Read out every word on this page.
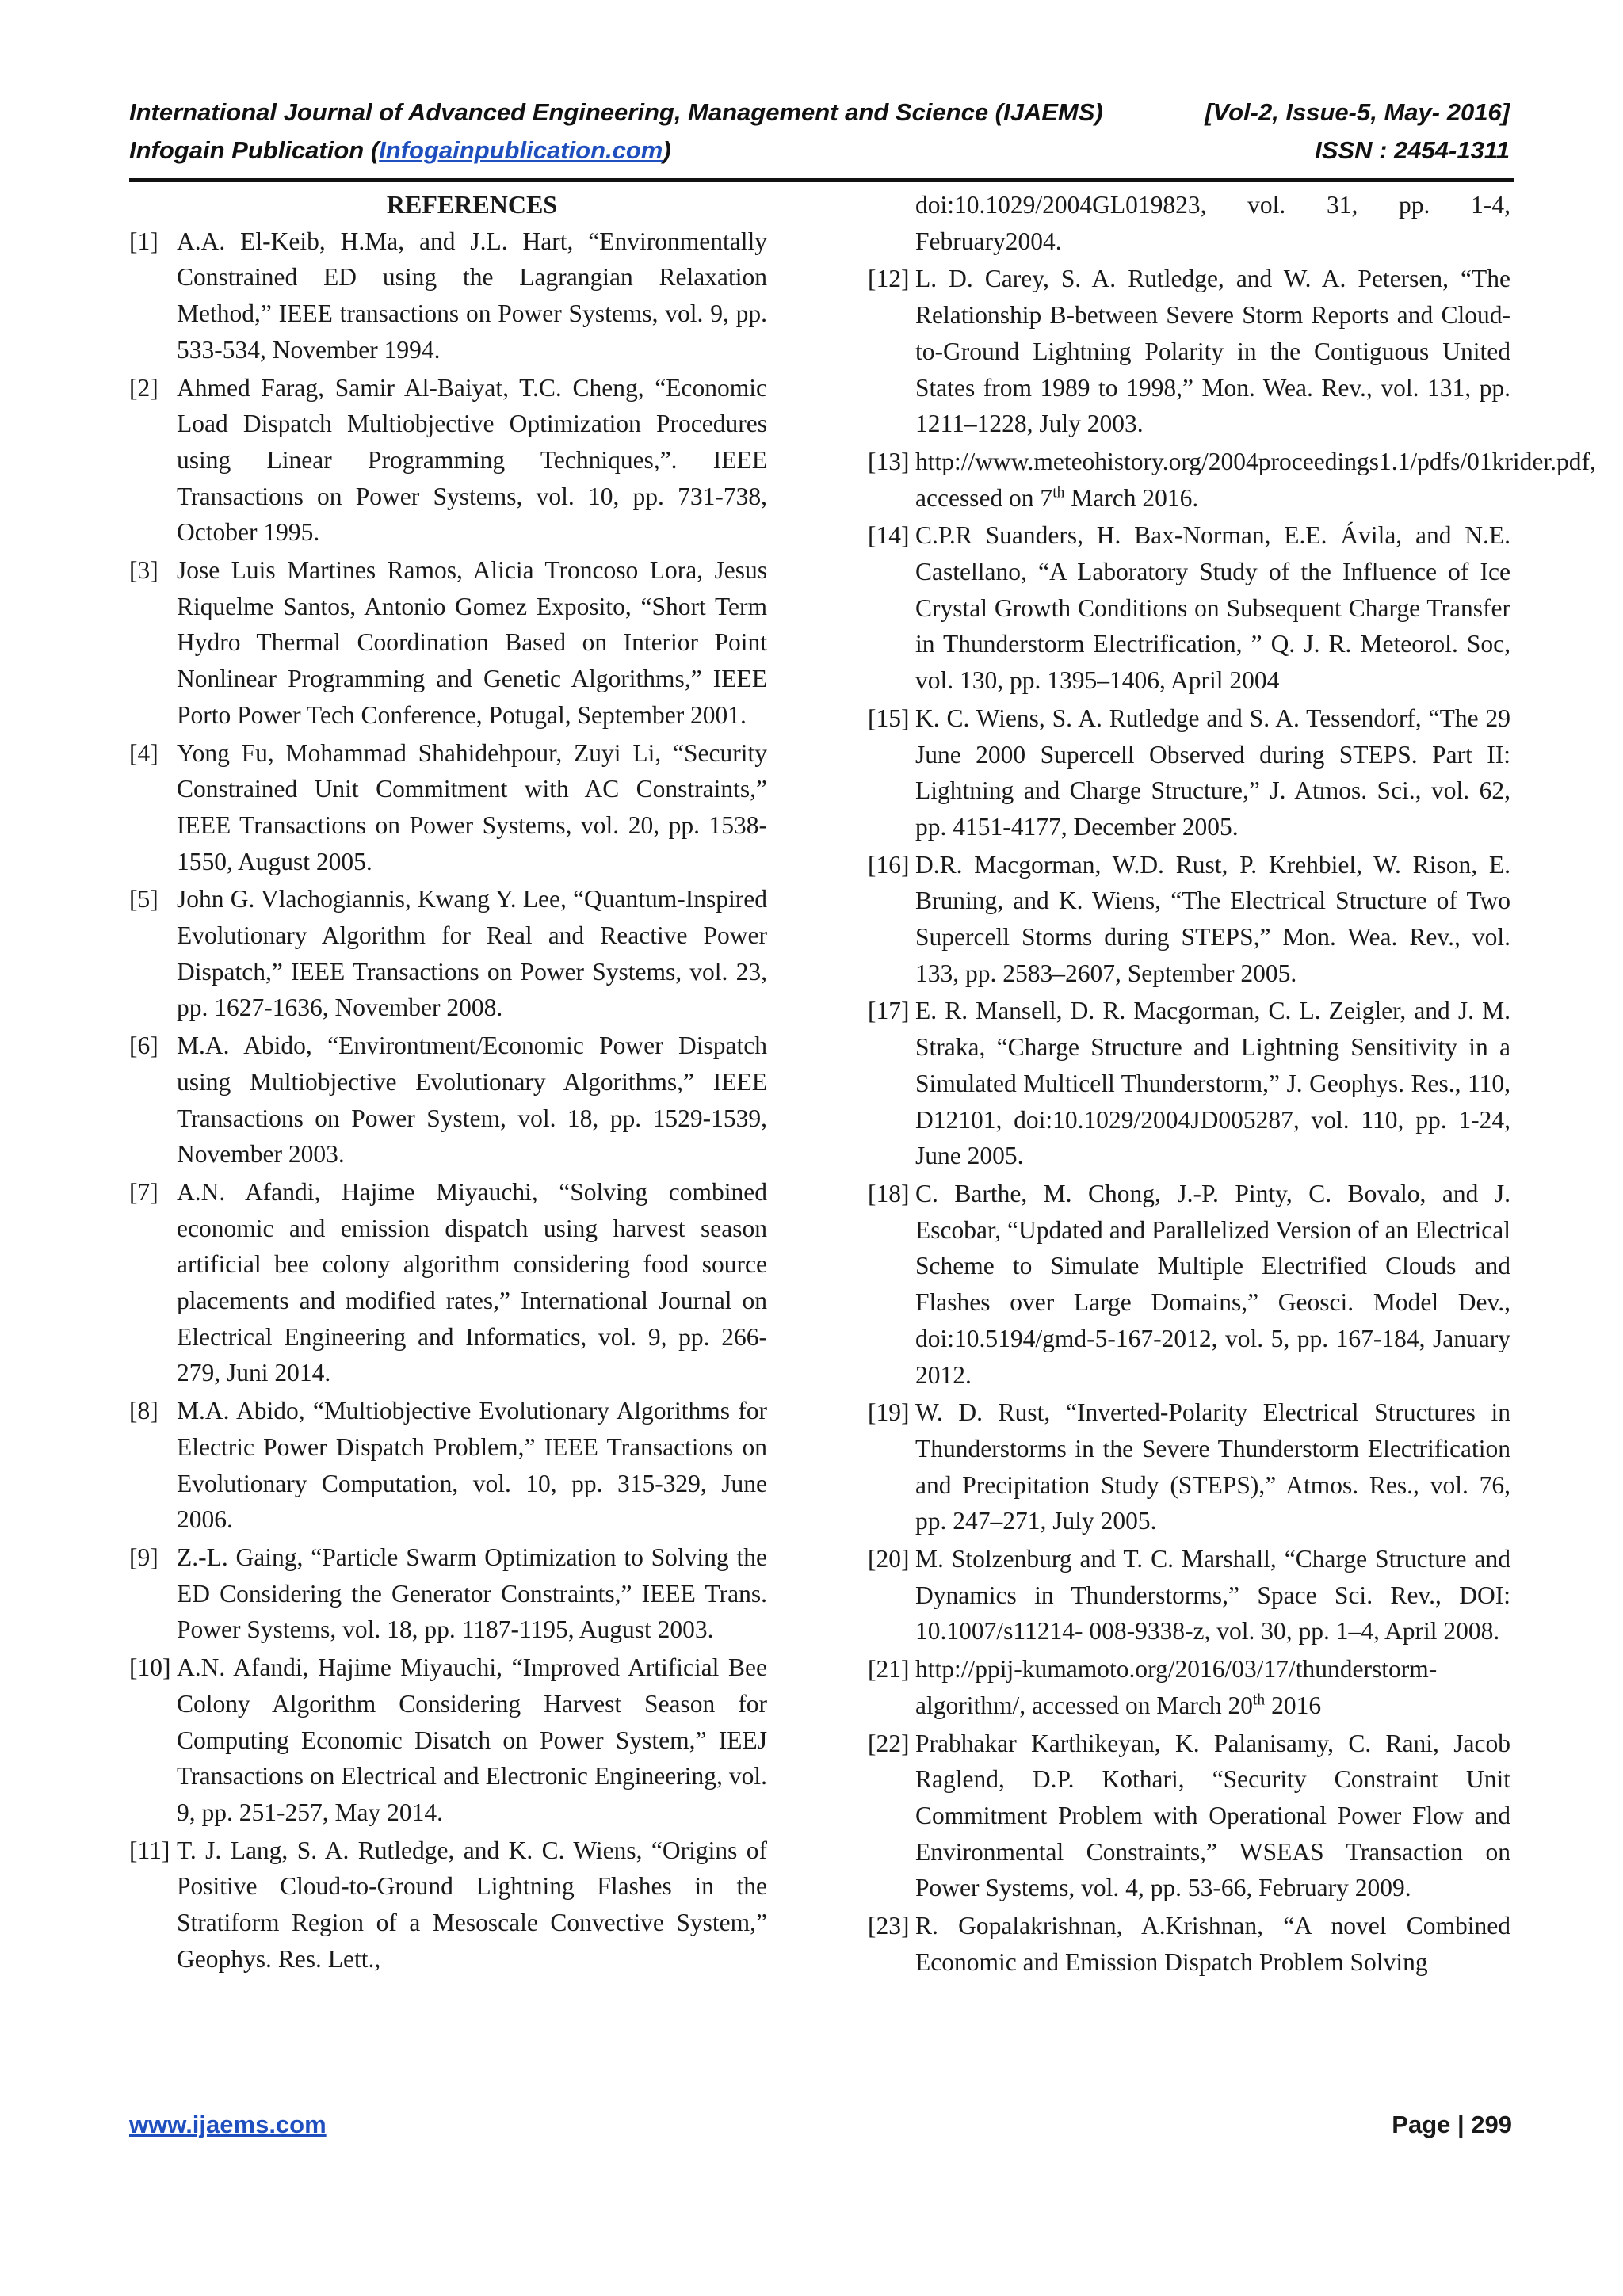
International Journal of Advanced Engineering, Management and Science (IJAEMS)	[Vol-2, Issue-5, May- 2016]
Infogain Publication (Infogainpublication.com)	ISSN : 2454-1311
REFERENCES
[1] A.A. El-Keib, H.Ma, and J.L. Hart, “Environmentally Constrained ED using the Lagrangian Relaxation Method,” IEEE transactions on Power Systems, vol. 9, pp. 533-534, November 1994.
[2] Ahmed Farag, Samir Al-Baiyat, T.C. Cheng, “Economic Load Dispatch Multiobjective Optimization Procedures using Linear Programming Techniques,”. IEEE Transactions on Power Systems, vol. 10, pp. 731-738, October 1995.
[3] Jose Luis Martines Ramos, Alicia Troncoso Lora, Jesus Riquelme Santos, Antonio Gomez Exposito, “Short Term Hydro Thermal Coordination Based on Interior Point Nonlinear Programming and Genetic Algorithms,” IEEE Porto Power Tech Conference, Potugal, September 2001.
[4] Yong Fu, Mohammad Shahidehpour, Zuyi Li, “Security Constrained Unit Commitment with AC Constraints,” IEEE Transactions on Power Systems, vol. 20, pp. 1538-1550, August 2005.
[5] John G. Vlachogiannis, Kwang Y. Lee, “Quantum-Inspired Evolutionary Algorithm for Real and Reactive Power Dispatch,” IEEE Transactions on Power Systems, vol. 23, pp. 1627-1636, November 2008.
[6] M.A. Abido, “Environtment/Economic Power Dispatch using Multiobjective Evolutionary Algorithms,” IEEE Transactions on Power System, vol. 18, pp. 1529-1539, November 2003.
[7] A.N. Afandi, Hajime Miyauchi, “Solving combined economic and emission dispatch using harvest season artificial bee colony algorithm considering food source placements and modified rates,” International Journal on Electrical Engineering and Informatics, vol. 9, pp. 266-279, Juni 2014.
[8] M.A. Abido, “Multiobjective Evolutionary Algorithms for Electric Power Dispatch Problem,” IEEE Transactions on Evolutionary Computation, vol. 10, pp. 315-329, June 2006.
[9] Z.-L. Gaing, “Particle Swarm Optimization to Solving the ED Considering the Generator Constraints,” IEEE Trans. Power Systems, vol. 18, pp. 1187-1195, August 2003.
[10] A.N. Afandi, Hajime Miyauchi, “Improved Artificial Bee Colony Algorithm Considering Harvest Season for Computing Economic Disatch on Power System,” IEEJ Transactions on Electrical and Electronic Engineering, vol. 9, pp. 251-257, May 2014.
[11] T. J. Lang, S. A. Rutledge, and K. C. Wiens, “Origins of Positive Cloud-to-Ground Lightning Flashes in the Stratiform Region of a Mesoscale Convective System,” Geophys. Res. Lett.,
doi:10.1029/2004GL019823, vol. 31, pp. 1-4, February2004.
[12] L. D. Carey, S. A. Rutledge, and W. A. Petersen, “The Relationship B-between Severe Storm Reports and Cloud-to-Ground Lightning Polarity in the Contiguous United States from 1989 to 1998,” Mon. Wea. Rev., vol. 131, pp. 1211–1228, July 2003.
[13] http://www.meteohistory.org/2004proceedings1.1/pdfs/01krider.pdf, accessed on 7th March 2016.
[14] C.P.R Suanders, H. Bax-Norman, E.E. Ávila, and N.E. Castellano, “A Laboratory Study of the Influence of Ice Crystal Growth Conditions on Subsequent Charge Transfer in Thunderstorm Electrification, ” Q. J. R. Meteorol. Soc, vol. 130, pp. 1395–1406, April 2004
[15] K. C. Wiens, S. A. Rutledge and S. A. Tessendorf, “The 29 June 2000 Supercell Observed during STEPS. Part II: Lightning and Charge Structure,” J. Atmos. Sci., vol. 62, pp. 4151-4177, December 2005.
[16] D.R. Macgorman, W.D. Rust, P. Krehbiel, W. Rison, E. Bruning, and K. Wiens, “The Electrical Structure of Two Supercell Storms during STEPS,” Mon. Wea. Rev., vol. 133, pp. 2583–2607, September 2005.
[17] E. R. Mansell, D. R. Macgorman, C. L. Zeigler, and J. M. Straka, “Charge Structure and Lightning Sensitivity in a Simulated Multicell Thunderstorm,” J. Geophys. Res., 110, D12101, doi:10.1029/2004JD005287, vol. 110, pp. 1-24, June 2005.
[18] C. Barthe, M. Chong, J.-P. Pinty, C. Bovalo, and J. Escobar, “Updated and Parallelized Version of an Electrical Scheme to Simulate Multiple Electrified Clouds and Flashes over Large Domains,” Geosci. Model Dev., doi:10.5194/gmd-5-167-2012, vol. 5, pp. 167-184, January 2012.
[19] W. D. Rust, “Inverted-Polarity Electrical Structures in Thunderstorms in the Severe Thunderstorm Electrification and Precipitation Study (STEPS),” Atmos. Res., vol. 76, pp. 247–271, July 2005.
[20] M. Stolzenburg and T. C. Marshall, “Charge Structure and Dynamics in Thunderstorms,” Space Sci. Rev., DOI: 10.1007/s11214- 008-9338-z, vol. 30, pp. 1–4, April 2008.
[21] http://ppij-kumamoto.org/2016/03/17/thunderstorm-algorithm/, accessed on March 20th 2016
[22] Prabhakar Karthikeyan, K. Palanisamy, C. Rani, Jacob Raglend, D.P. Kothari, “Security Constraint Unit Commitment Problem with Operational Power Flow and Environmental Constraints,” WSEAS Transaction on Power Systems, vol. 4, pp. 53-66, February 2009.
[23] R. Gopalakrishnan, A.Krishnan, “A novel Combined Economic and Emission Dispatch Problem Solving
www.ijaems.com	Page | 299
